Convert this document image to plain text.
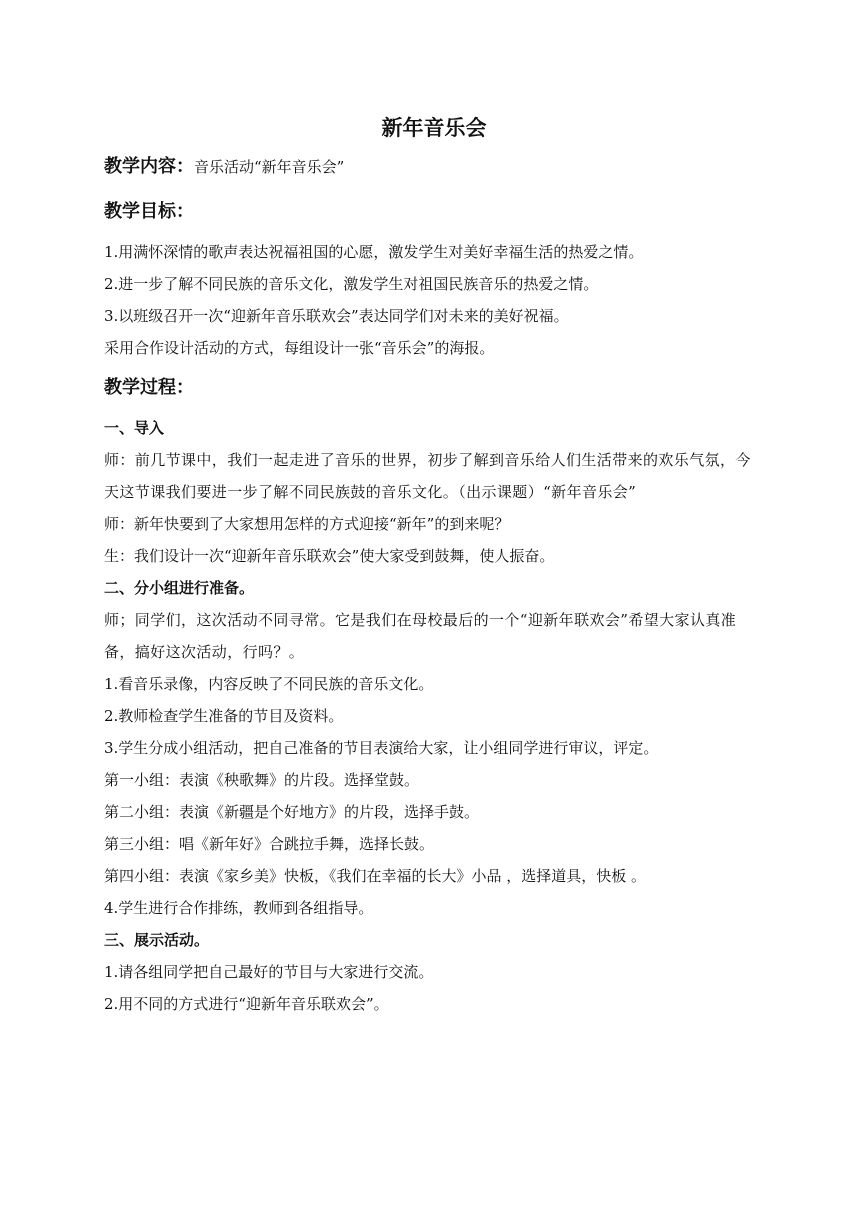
新年音乐会
教学内容：音乐活动“新年音乐会”
教学目标：
1.用满怀深情的歌声表达祝福祖国的心愿，激发学生对美好幸福生活的热爱之情。
2.进一步了解不同民族的音乐文化，激发学生对祖国民族音乐的热爱之情。
3.以班级召开一次“迎新年音乐联欢会”表达同学们对未来的美好祝福。
采用合作设计活动的方式，每组设计一张“音乐会”的海报。
教学过程：
一、导入
师：前几节课中，我们一起走进了音乐的世界，初步了解到音乐给人们生活带来的欢乐气氛，今天这节课我们要进一步了解不同民族鼓的音乐文化。（出示课题）“新年音乐会”
师：新年快要到了大家想用怎样的方式迎接“新年”的到来呢？
生：我们设计一次“迎新年音乐联欢会”使大家受到鼓舞，使人振奋。
二、分小组进行准备。
师；同学们，这次活动不同寻常。它是我们在母校最后的一个“迎新年联欢会”希望大家认真准备，搞好这次活动，行吗？。
1.看音乐录像，内容反映了不同民族的音乐文化。
2.教师检查学生准备的节目及资料。
3.学生分成小组活动，把自己准备的节目表演给大家，让小组同学进行审议，评定。
第一小组：表演《秧歌舞》的片段。选择堂鼓。
第二小组：表演《新疆是个好地方》的片段，选择手鼓。
第三小组：唱《新年好》合跳拉手舞，选择长鼓。
第四小组：表演《家乡美》快板，《我们在幸福的长大》小品 ，选择道具，快板 。
4.学生进行合作排练，教师到各组指导。
三、展示活动。
1.请各组同学把自己最好的节目与大家进行交流。
2.用不同的方式进行“迎新年音乐联欢会”。
